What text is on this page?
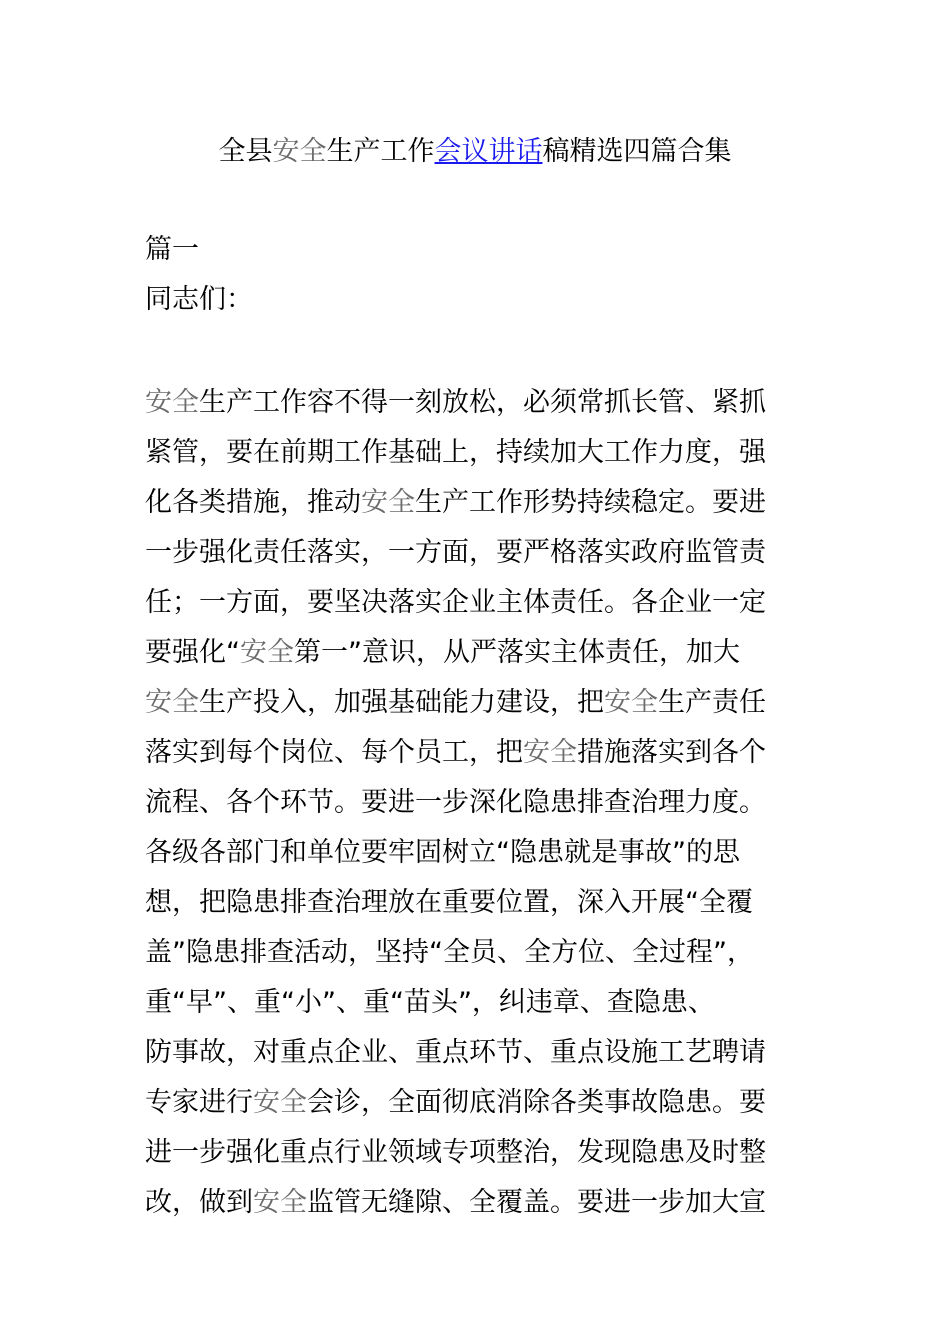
全县安全生产工作会议讲话稿精选四篇合集
篇一
同志们：
安全生产工作容不得一刻放松，必须常抓长管、紧抓
紧管，要在前期工作基础上，持续加大工作力度，强
化各类措施，推动安全生产工作形势持续稳定。要进
一步强化责任落实，一方面，要严格落实政府监管责
任；一方面，要坚决落实企业主体责任。各企业一定
要强化“安全第一”意识，从严落实主体责任，加大
安全生产投入，加强基础能力建设，把安全生产责任
落实到每个岗位、每个员工，把安全措施落实到各个
流程、各个环节。要进一步深化隐患排查治理力度。
各级各部门和单位要牢固树立“隐患就是事故”的思
想，把隐患排查治理放在重要位置，深入开展“全覆
盖”隐患排查活动，坚持“全员、全方位、全过程”，
重“早”、重“小”、重“苗头”，纠违章、查隐患、
防事故，对重点企业、重点环节、重点设施工艺聘请
专家进行安全会诊，全面彻底消除各类事故隐患。要
进一步强化重点行业领域专项整治，发现隐患及时整
改，做到安全监管无缝隙、全覆盖。要进一步加大宣
